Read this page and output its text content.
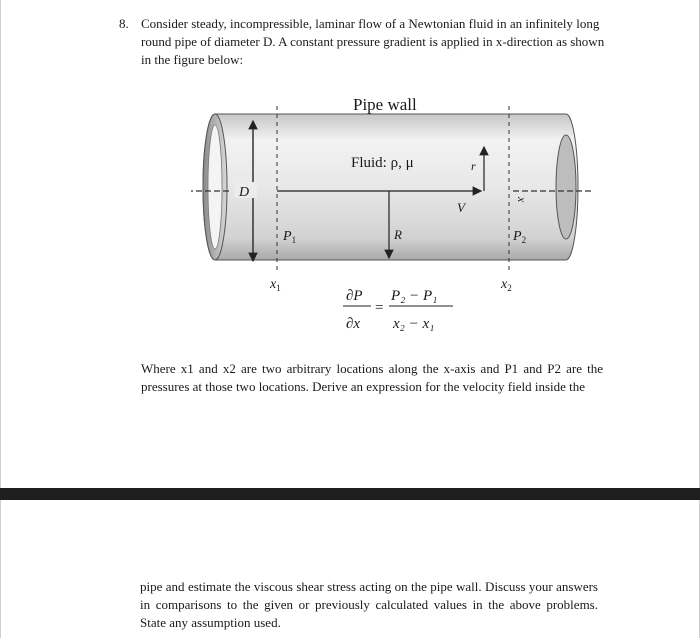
8. Consider steady, incompressible, laminar flow of a Newtonian fluid in an infinitely long round pipe of diameter D. A constant pressure gradient is applied in x-direction as shown in the figure below:

Pipe wall
D
R
Fluid: ρ, μ	r
V
x
$P_1$	$P_2$
$x_1$	$x_2$
∂P
∂x
=
P₂ − P₁
x₂ − x₁

Where x1 and x2 are two arbitrary locations along the x-axis and P1 and P2 are the pressures at those two locations. Derive an expression for the velocity field inside the

pipe and estimate the viscous shear stress acting on the pipe wall. Discuss your answers in comparisons to the given or previously calculated values in the above problems. State any assumption used.
